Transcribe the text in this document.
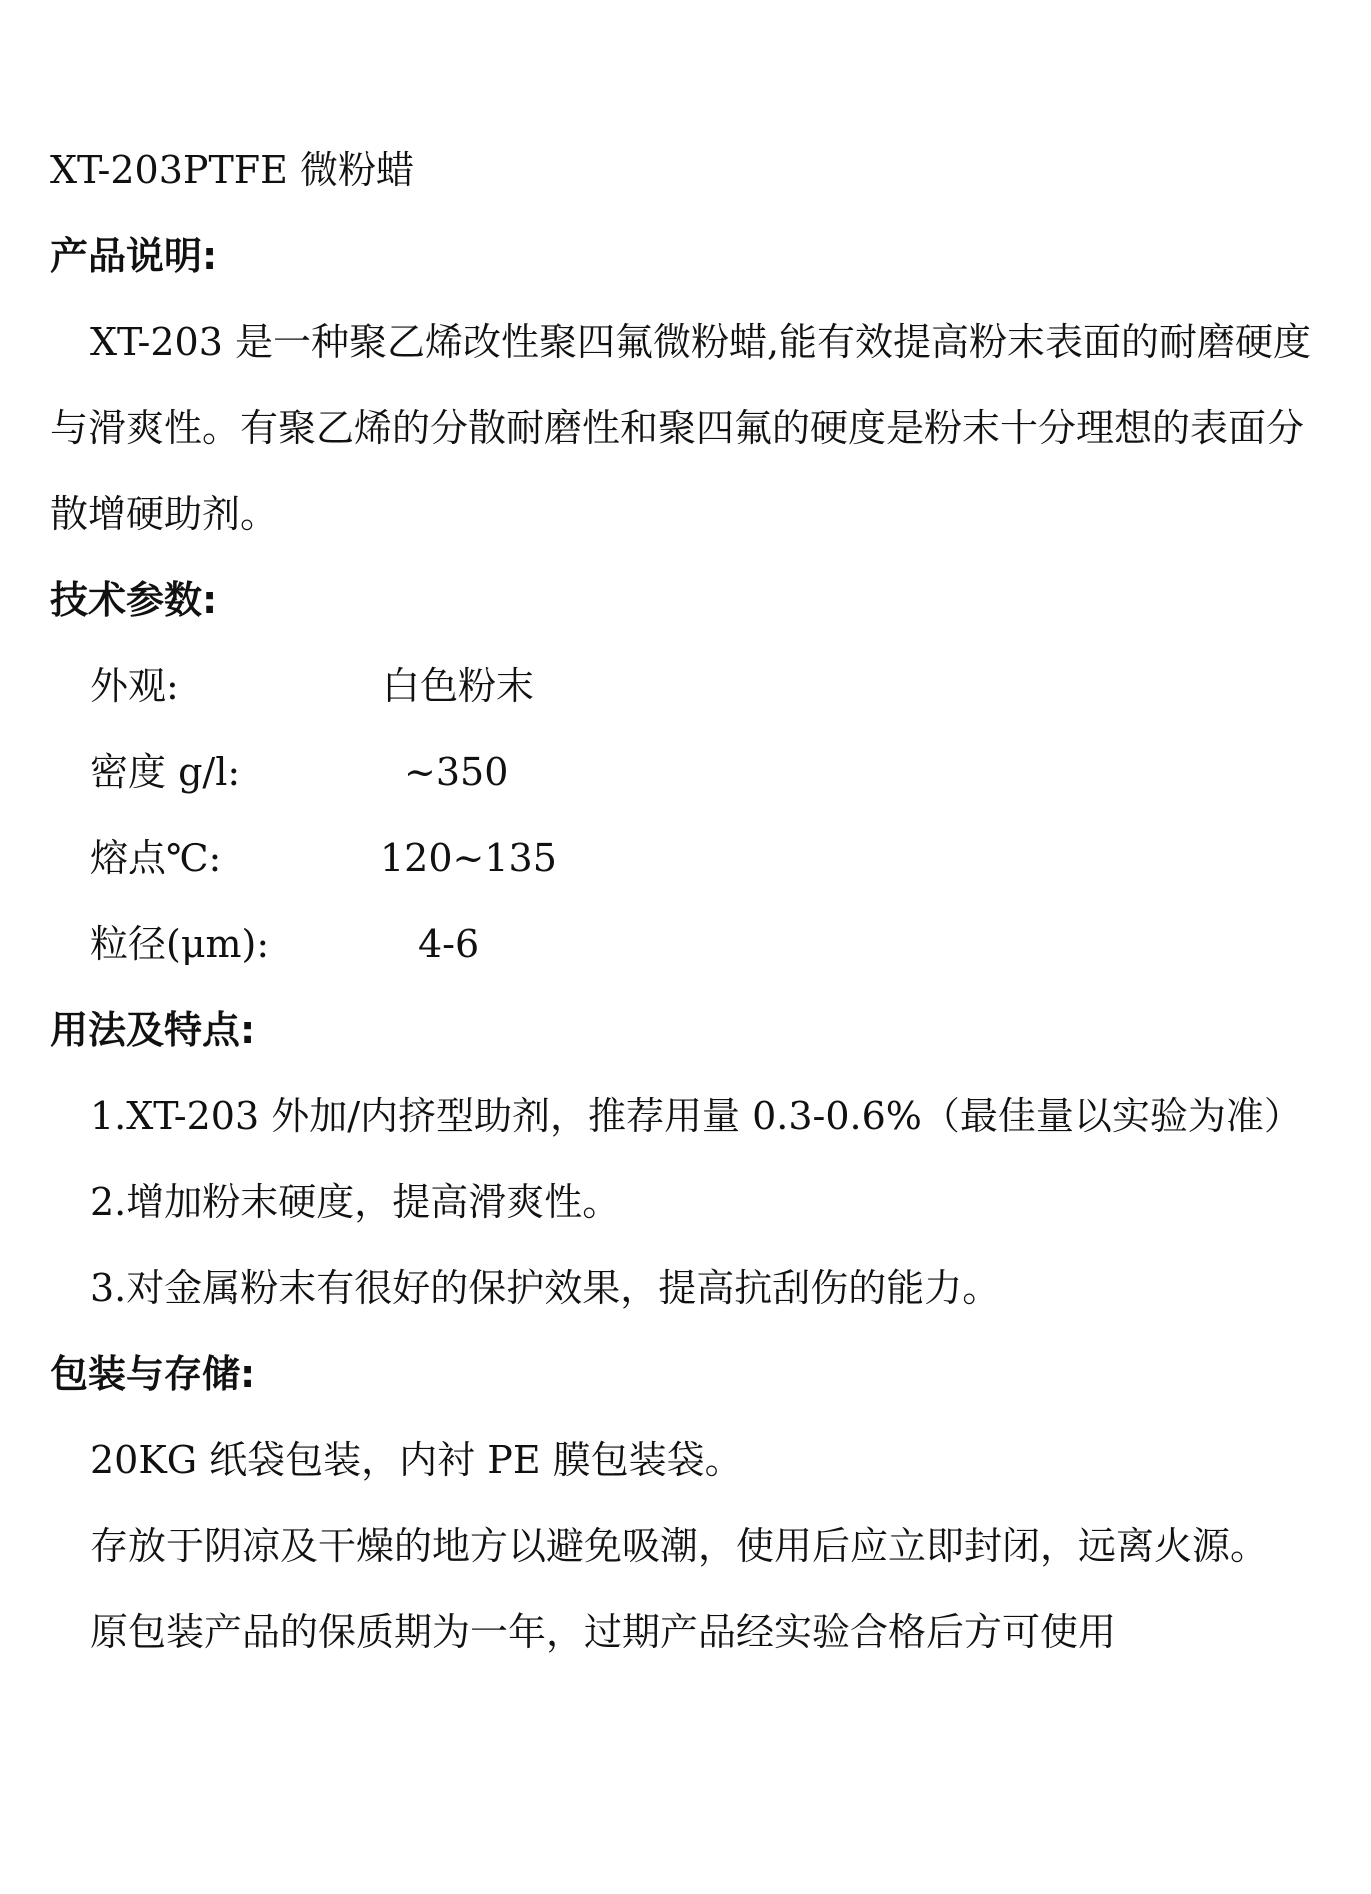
XT-203PTFE 微粉蜡
产品说明:
XT-203 是一种聚乙烯改性聚四氟微粉蜡,能有效提高粉末表面的耐磨硬度
与滑爽性。有聚乙烯的分散耐磨性和聚四氟的硬度是粉末十分理想的表面分
散增硬助剂。
技术参数:
外观:	白色粉末
密度 g/l:	~350
熔点℃:	120~135
粒径(μm):	4-6
用法及特点:
1.XT-203 外加/内挤型助剂，推荐用量 0.3-0.6%（最佳量以实验为准）
2.增加粉末硬度，提高滑爽性。
3.对金属粉末有很好的保护效果，提高抗刮伤的能力。
包装与存储:
20KG 纸袋包装，内衬 PE 膜包装袋。
存放于阴凉及干燥的地方以避免吸潮，使用后应立即封闭，远离火源。
原包装产品的保质期为一年，过期产品经实验合格后方可使用
